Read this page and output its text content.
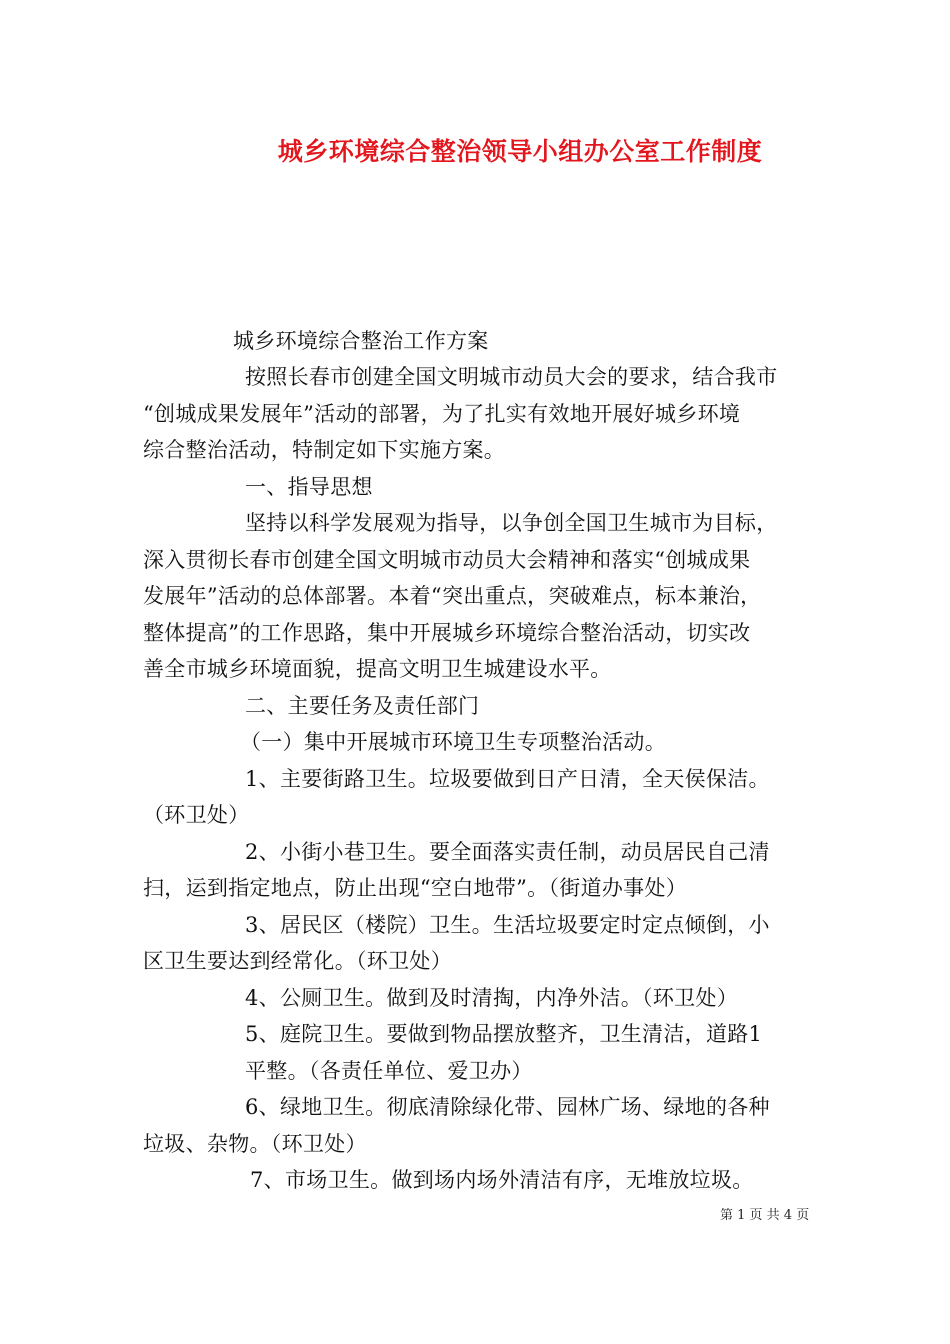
城乡环境综合整治领导小组办公室工作制度
城乡环境综合整治工作方案
按照长春市创建全国文明城市动员大会的要求，结合我市
“创城成果发展年”活动的部署，为了扎实有效地开展好城乡环境
综合整治活动，特制定如下实施方案。
一、指导思想
坚持以科学发展观为指导，以争创全国卫生城市为目标，
深入贯彻长春市创建全国文明城市动员大会精神和落实“创城成果
发展年”活动的总体部署。本着“突出重点，突破难点，标本兼治，
整体提高”的工作思路，集中开展城乡环境综合整治活动，切实改
善全市城乡环境面貌，提高文明卫生城建设水平。
二、主要任务及责任部门
（一）集中开展城市环境卫生专项整治活动。
1、主要街路卫生。垃圾要做到日产日清，全天侯保洁。
（环卫处）
2、小街小巷卫生。要全面落实责任制，动员居民自己清
扫，运到指定地点，防止出现“空白地带”。（街道办事处）
3、居民区（楼院）卫生。生活垃圾要定时定点倾倒，小
区卫生要达到经常化。（环卫处）
4、公厕卫生。做到及时清掏，内净外洁。（环卫处）
5、庭院卫生。要做到物品摆放整齐，卫生清洁，道路1
平整。（各责任单位、爱卫办）
6、绿地卫生。彻底清除绿化带、园林广场、绿地的各种
垃圾、杂物。（环卫处）
7、市场卫生。做到场内场外清洁有序，无堆放垃圾。
第 1 页 共 4 页
